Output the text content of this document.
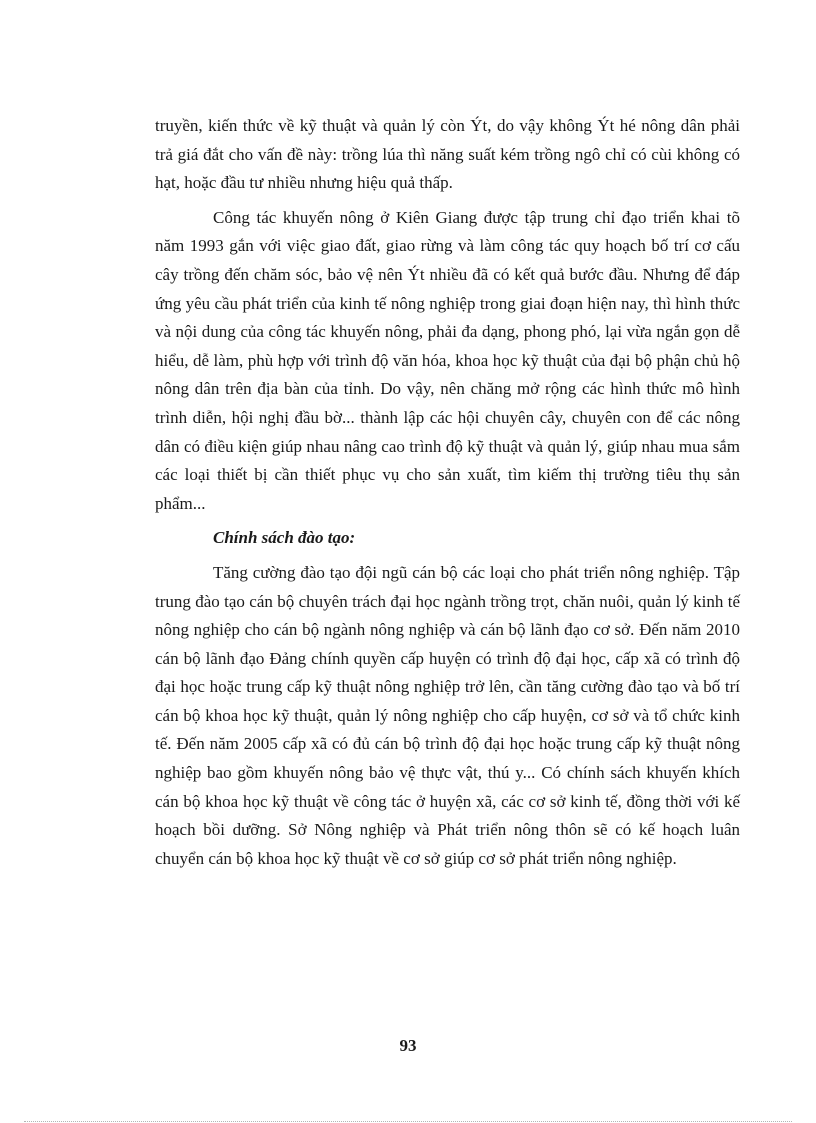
truyền, kiến thức về kỹ thuật và quản lý còn Ýt, do vậy không Ýt hé nông dân phải trả giá đắt cho vấn đề này: trồng lúa thì năng suất kém trồng ngô chỉ có cùi không có hạt, hoặc đầu tư nhiều nhưng hiệu quả thấp.

Công tác khuyến nông ở Kiên Giang được tập trung chỉ đạo triển khai tõ năm 1993 gắn với việc giao đất, giao rừng và làm công tác quy hoạch bố trí cơ cấu cây trồng đến chăm sóc, bảo vệ nên Ýt nhiều đã có kết quả bước đầu. Nhưng để đáp ứng yêu cầu phát triển của kinh tế nông nghiệp trong giai đoạn hiện nay, thì hình thức và nội dung của công tác khuyến nông, phải đa dạng, phong phó, lại vừa ngắn gọn dễ hiểu, dễ làm, phù hợp với trình độ văn hóa, khoa học kỹ thuật của đại bộ phận chủ hộ nông dân trên địa bàn của tỉnh. Do vậy, nên chăng mở rộng các hình thức mô hình trình diễn, hội nghị đầu bờ... thành lập các hội chuyên cây, chuyên con để các nông dân có điều kiện giúp nhau nâng cao trình độ kỹ thuật và quản lý, giúp nhau mua sắm các loại thiết bị cần thiết phục vụ cho sản xuất, tìm kiếm thị trường tiêu thụ sản phẩm...

Chính sách đào tạo:

Tăng cường đào tạo đội ngũ cán bộ các loại cho phát triển nông nghiệp. Tập trung đào tạo cán bộ chuyên trách đại học ngành trồng trọt, chăn nuôi, quản lý kinh tế nông nghiệp cho cán bộ ngành nông nghiệp và cán bộ lãnh đạo cơ sở. Đến năm 2010 cán bộ lãnh đạo Đảng chính quyền cấp huyện có trình độ đại học, cấp xã có trình độ đại học hoặc trung cấp kỹ thuật nông nghiệp trở lên, cần tăng cường đào tạo và bố trí cán bộ khoa học kỹ thuật, quản lý nông nghiệp cho cấp huyện, cơ sở và tổ chức kinh tế. Đến năm 2005 cấp xã có đủ cán bộ trình độ đại học hoặc trung cấp kỹ thuật nông nghiệp bao gồm khuyến nông bảo vệ thực vật, thú y... Có chính sách khuyến khích cán bộ khoa học kỹ thuật về công tác ở huyện xã, các cơ sở kinh tế, đồng thời với kế hoạch bồi dưỡng. Sở Nông nghiệp và Phát triển nông thôn sẽ có kế hoạch luân chuyển cán bộ khoa học kỹ thuật về cơ sở giúp cơ sở phát triển nông nghiệp.

93
